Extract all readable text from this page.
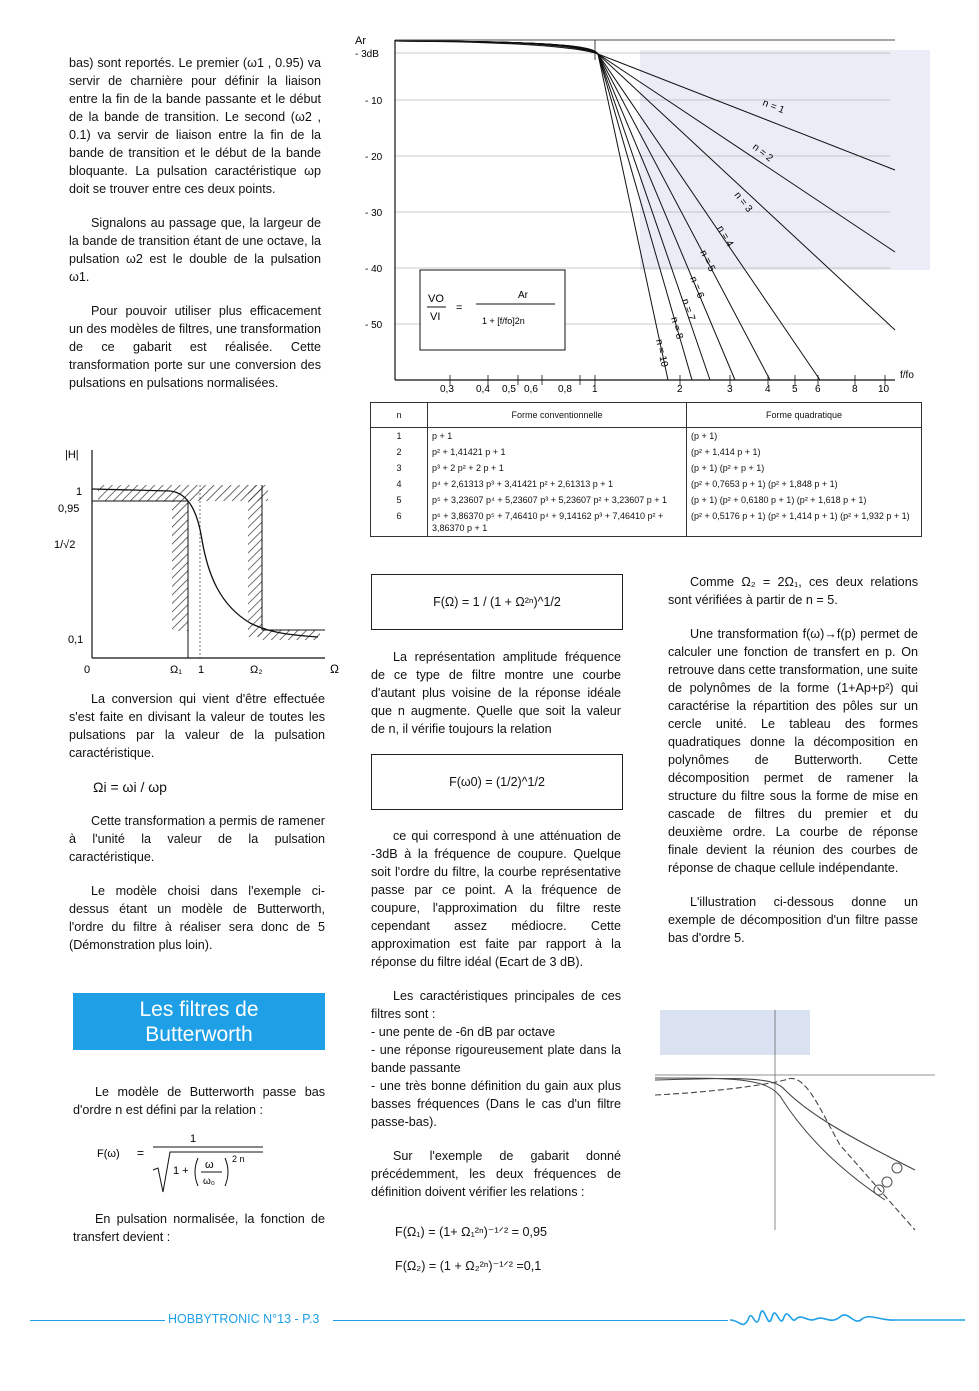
bas) sont reportés. Le premier (ω1 , 0.95) va servir de charnière pour définir la liaison entre la fin de la bande passante et le début de la bande de transition. Le second (ω2 , 0.1) va servir de liaison entre la fin de la bande de transition et le début de la bande bloquante. La pulsation caractéristique ωp doit se trouver entre ces deux points.

Signalons au passage que, la largeur de la bande de transition étant de une octave, la pulsation ω2 est le double de la pulsation ω1.

Pour pouvoir utiliser plus efficacement un des modèles de filtres, une transformation de ce gabarit est réalisée. Cette transformation porte sur une conversion des pulsations en pulsations normalisées.

|H|
1
0,95
1/√2
0,1
0	Ω₁ 1	Ω₂	Ω

La conversion qui vient d'être effectuée s'est faite en divisant la valeur de toutes les pulsations par la valeur de la pulsation caractéristique.

Ωi = ωi / ωp

Cette transformation a permis de ramener à l'unité la valeur de la pulsation caractéristique.

Le modèle choisi dans l'exemple ci-dessus étant un modèle de Butterworth, l'ordre du filtre à réaliser sera donc de 5 (Démonstration plus loin).

Les filtres de
Butterworth

Le modèle de Butterworth passe bas d'ordre n est défini par la relation :

F(ω) =
1
1 + ω
ω₀
2 n

En pulsation normalisée, la fonction de transfert devient :

Ar
- 3dB
- 10
- 20
- 30
- 40
- 50
0,3 0,4 0,5 0,6 0,8 1	2	3	4 5 6	8 10
f/fo
n = 1
n = 2
n = 3
n = 4
n = 5
n = 6
n = 7
n = 8
n = 10
VO
VI
=
Ar
1 + [f/fo]2n
n	Forme conventionnelle	Forme quadratique
1	p + 1	(p + 1)
2	p² + 1,41421 p + 1	(p² + 1,414 p + 1)
3	p³ + 2 p² + 2 p + 1	(p + 1) (p² + p + 1)
4	p⁴ + 2,61313 p³ + 3,41421 p² + 2,61313 p + 1	(p² + 0,7653 p + 1) (p² + 1,848 p + 1)
5	p⁵ + 3,23607 p⁴ + 5,23607 p³ + 5,23607 p² + 3,23607 p + 1	(p + 1) (p² + 0,6180 p + 1) (p² + 1,618 p + 1)
6	p⁶ + 3,86370 p⁵ + 7,46410 p⁴ + 9,14162 p³ + 7,46410 p² + 3,86370 p + 1	(p² + 0,5176 p + 1) (p² + 1,414 p + 1) (p² + 1,932 p + 1)
F(Ω) = 1 / (1 + Ω²ⁿ)^1/2

La représentation amplitude fréquence de ce type de filtre montre une courbe d'autant plus voisine de la réponse idéale que n augmente. Quelle que soit la valeur de n, il vérifie toujours la relation

F(ω0) = (1/2)^1/2

ce qui correspond à une atténuation de -3dB à la fréquence de coupure. Quelque soit l'ordre du filtre, la courbe représentative passe par ce point. A la fréquence de coupure, l'approximation du filtre reste cependant assez médiocre. Cette approximation est faite par rapport à la réponse du filtre idéal (Ecart de 3 dB).

Les caractéristiques principales de ces filtres sont :

- une pente de -6n dB par octave
- une réponse rigoureusement plate dans la bande passante

- une très bonne définition du gain aux plus basses fréquences (Dans le cas d'un filtre passe-bas).

Sur l'exemple de gabarit donné précédemment, les deux fréquences de définition doivent vérifier les relations :

F(Ω₁) = (1+ Ω₁²ⁿ)⁻¹ᐟ² = 0,95

F(Ω₂) = (1 + Ω₂²ⁿ)⁻¹ᐟ² =0,1

Comme Ω₂ = 2Ω₁, ces deux relations sont vérifiées à partir de n = 5.

Une transformation f(ω)→f(p) permet de calculer une fonction de transfert en p. On retrouve dans cette transformation, une suite de polynômes de la forme (1+Ap+p²) qui caractérise la répartition des pôles sur un cercle unité. Le tableau des formes quadratiques donne la décomposition en polynômes de Butterworth. Cette décomposition permet de ramener la structure du filtre sous la forme de mise en cascade de filtres du premier et du deuxième ordre. La courbe de réponse finale devient la réunion des courbes de réponse de chaque cellule indépendante.

L'illustration ci-dessous donne un exemple de décomposition d'un filtre passe bas d'ordre 5.

HOBBYTRONIC N°13 - P.3
